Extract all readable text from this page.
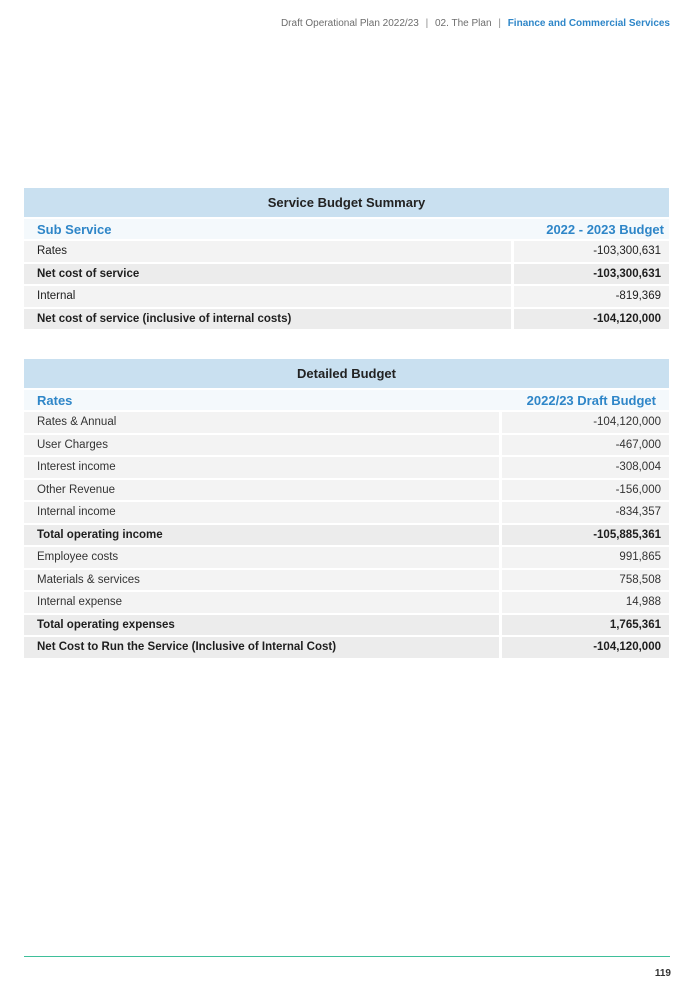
Draft Operational Plan 2022/23 | 02. The Plan | Finance and Commercial Services
Service Budget Summary	
Sub Service	2022 - 2023 Budget
Rates	-103,300,631
Net cost of service	-103,300,631
Internal	-819,369
Net cost of service (inclusive of internal costs)	-104,120,000
Detailed Budget	
Rates	2022/23 Draft Budget
Rates & Annual	-104,120,000
User Charges	-467,000
Interest income	-308,004
Other Revenue	-156,000
Internal income	-834,357
Total operating income	-105,885,361
Employee costs	991,865
Materials & services	758,508
Internal expense	14,988
Total operating expenses	1,765,361
Net Cost to Run the Service (Inclusive of Internal Cost)	-104,120,000
119
